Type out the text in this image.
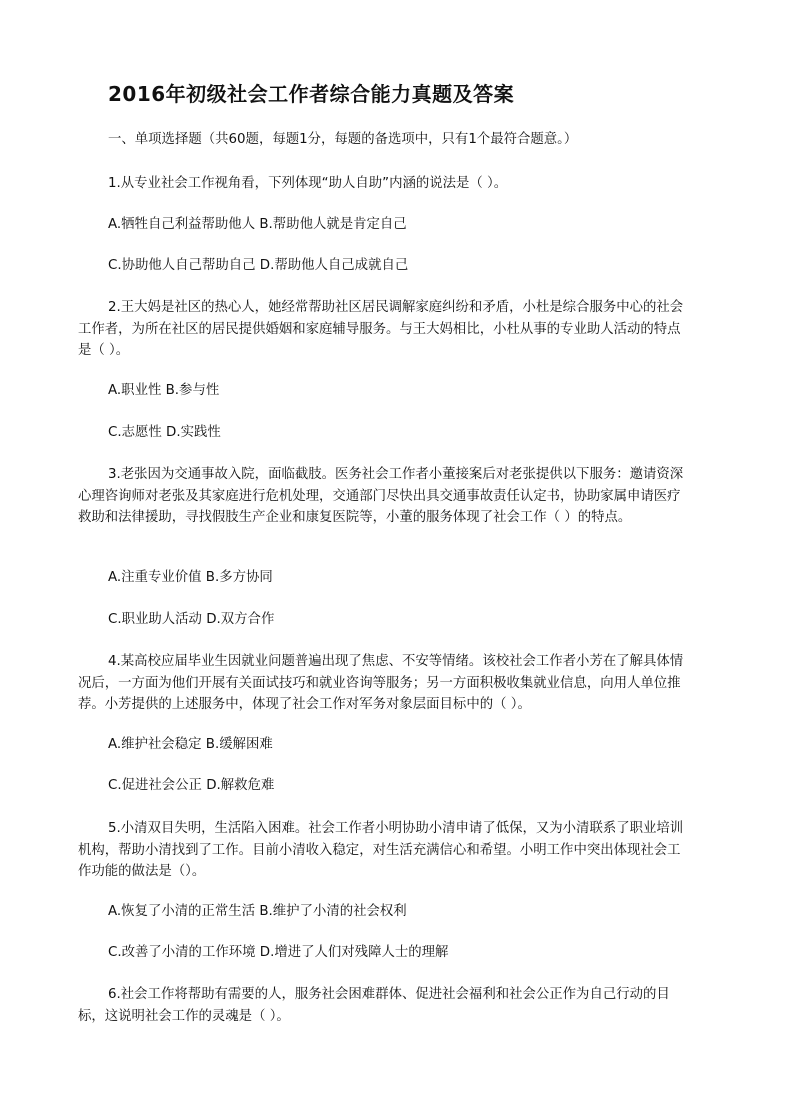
2016年初级社会工作者综合能力真题及答案
一、单项选择题（共60题，每题1分，每题的备选项中，只有1个最符合题意。）
1.从专业社会工作视角看，下列体现“助人自助”内涵的说法是（ ）。
A.牺牲自己利益帮助他人 B.帮助他人就是肯定自己
C.协助他人自己帮助自己 D.帮助他人自己成就自己
2.王大妈是社区的热心人，她经常帮助社区居民调解家庭纠纷和矛盾，小杜是综合服务中心的社会工作者，为所在社区的居民提供婚姻和家庭辅导服务。与王大妈相比，小杜从事的专业助人活动的特点是（ ）。
A.职业性 B.参与性
C.志愿性 D.实践性
3.老张因为交通事故入院，面临截肢。医务社会工作者小董接案后对老张提供以下服务：邀请资深心理咨询师对老张及其家庭进行危机处理，交通部门尽快出具交通事故责任认定书，协助家属申请医疗救助和法律援助，寻找假肢生产企业和康复医院等，小董的服务体现了社会工作（ ）的特点。
A.注重专业价值 B.多方协同
C.职业助人活动 D.双方合作
4.某高校应届毕业生因就业问题普遍出现了焦虑、不安等情绪。该校社会工作者小芳在了解具体情况后，一方面为他们开展有关面试技巧和就业咨询等服务；另一方面积极收集就业信息，向用人单位推荐。小芳提供的上述服务中，体现了社会工作对军务对象层面目标中的（ ）。
A.维护社会稳定 B.缓解困难
C.促进社会公正 D.解救危难
5.小清双目失明，生活陷入困难。社会工作者小明协助小清申请了低保，又为小清联系了职业培训机构，帮助小清找到了工作。目前小清收入稳定，对生活充满信心和希望。小明工作中突出体现社会工作功能的做法是（）。
A.恢复了小清的正常生活 B.维护了小清的社会权利
C.改善了小清的工作环境 D.增进了人们对残障人士的理解
6.社会工作将帮助有需要的人，服务社会困难群体、促进社会福利和社会公正作为自己行动的目标，这说明社会工作的灵魂是（ ）。
